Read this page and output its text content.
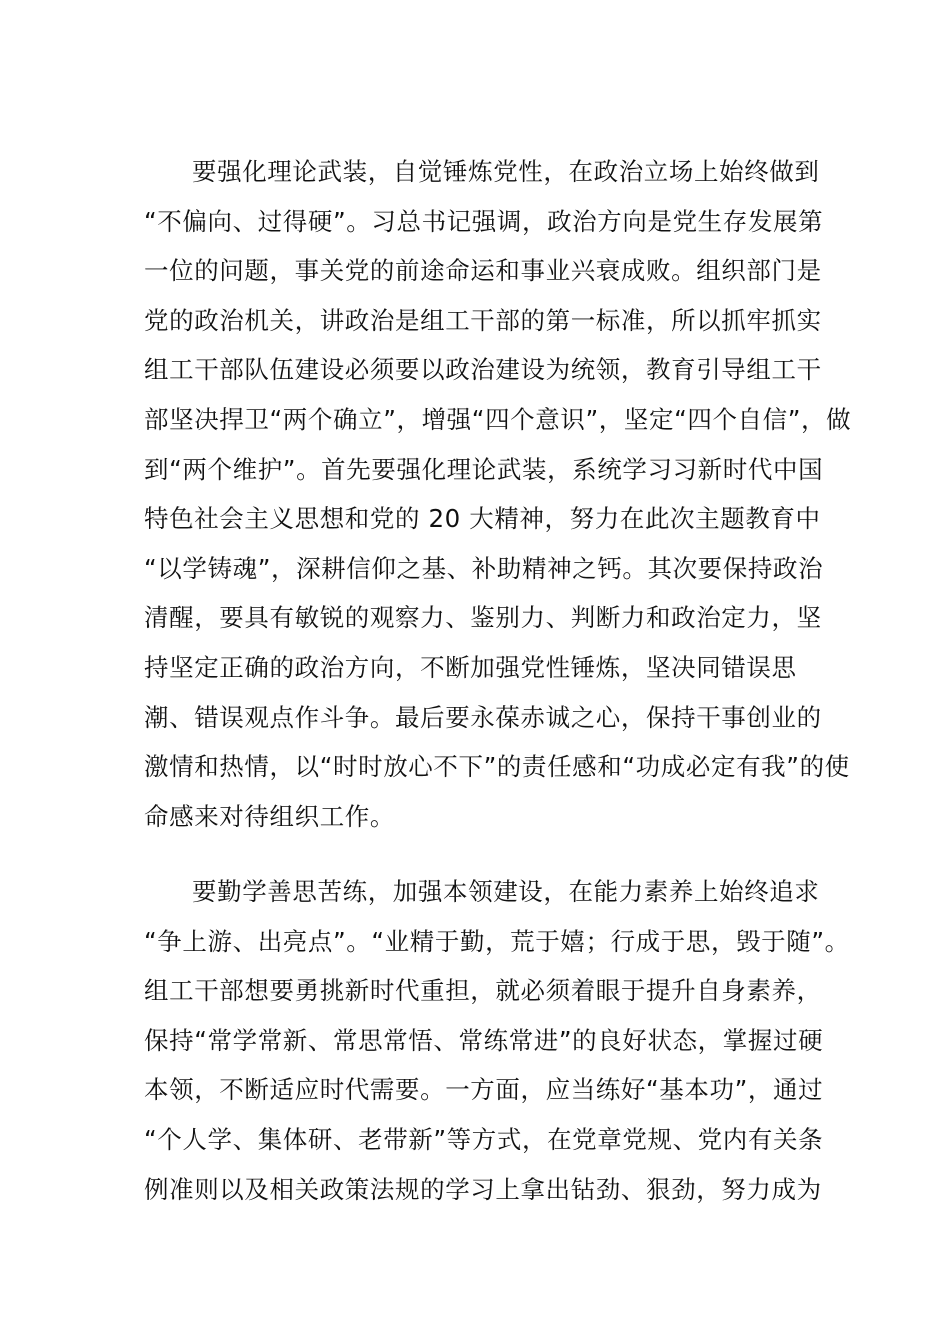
要强化理论武装，自觉锤炼党性，在政治立场上始终做到
“不偏向、过得硬”。习总书记强调，政治方向是党生存发展第
一位的问题，事关党的前途命运和事业兴衰成败。组织部门是
党的政治机关，讲政治是组工干部的第一标准，所以抓牢抓实
组工干部队伍建设必须要以政治建设为统领，教育引导组工干
部坚决捍卫“两个确立”，增强“四个意识”，坚定“四个自信”，做
到“两个维护”。首先要强化理论武装，系统学习习新时代中国
特色社会主义思想和党的 20 大精神，努力在此次主题教育中
“以学铸魂”，深耕信仰之基、补助精神之钙。其次要保持政治
清醒，要具有敏锐的观察力、鉴别力、判断力和政治定力，坚
持坚定正确的政治方向，不断加强党性锤炼，坚决同错误思
潮、错误观点作斗争。最后要永葆赤诚之心，保持干事创业的
激情和热情，以“时时放心不下”的责任感和“功成必定有我”的使
命感来对待组织工作。
要勤学善思苦练，加强本领建设，在能力素养上始终追求
“争上游、出亮点”。“业精于勤，荒于嬉；行成于思，毁于随”。
组工干部想要勇挑新时代重担，就必须着眼于提升自身素养，
保持“常学常新、常思常悟、常练常进”的良好状态，掌握过硬
本领，不断适应时代需要。一方面，应当练好“基本功”，通过
“个人学、集体研、老带新”等方式，在党章党规、党内有关条
例准则以及相关政策法规的学习上拿出钻劲、狠劲，努力成为
